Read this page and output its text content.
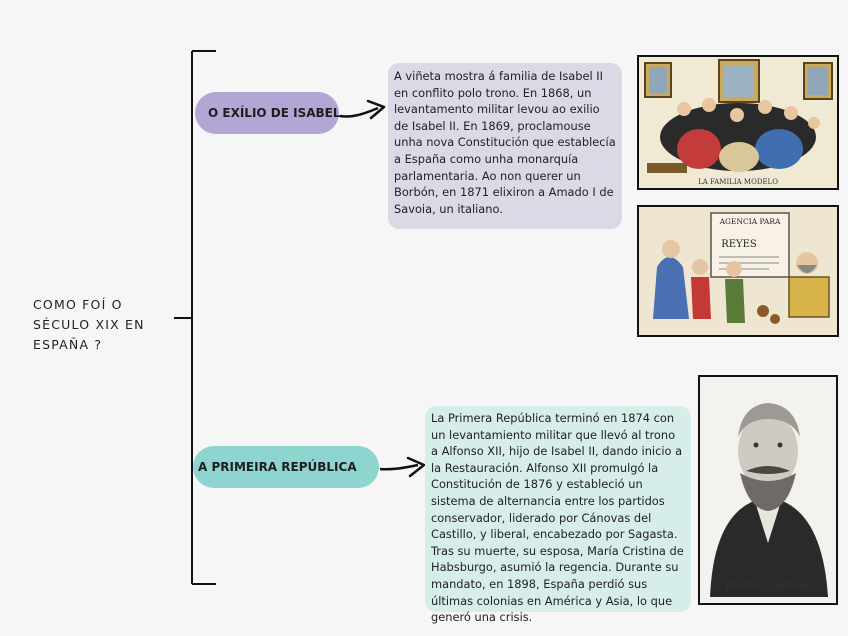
COMO FOÍ O SÉCULO XIX EN ESPAÑA ?
O EXÍLIO DE ISABEL
A PRIMEIRA REPÚBLICA
A viñeta mostra á familia de Isabel II en conflito polo trono. En 1868, un levantamento militar levou ao exilio de Isabel II. En 1869, proclamouse unha nova Constitución que establecía a España como unha monarquía parlamentaria. Ao non querer un Borbón, en 1871 elixiron a Amado I de Savoia, un italiano.
La Primera República terminó en 1874 con un levantamiento militar que llevó al trono a Alfonso XII, hijo de Isabel II, dando inicio a la Restauración. Alfonso XII promulgó la Constitución de 1876 y estableció un sistema de alternancia entre los partidos conservador, liderado por Cánovas del Castillo, y liberal, encabezado por Sagasta. Tras su muerte, su esposa, María Cristina de Habsburgo, asumió la regencia. Durante su mandato, en 1898, España perdió sus últimas colonias en América y Asia, lo que generó una crisis.
LA FAMILIA MODELO
AGENCIA PARA
REYES
Emilio Castelar
